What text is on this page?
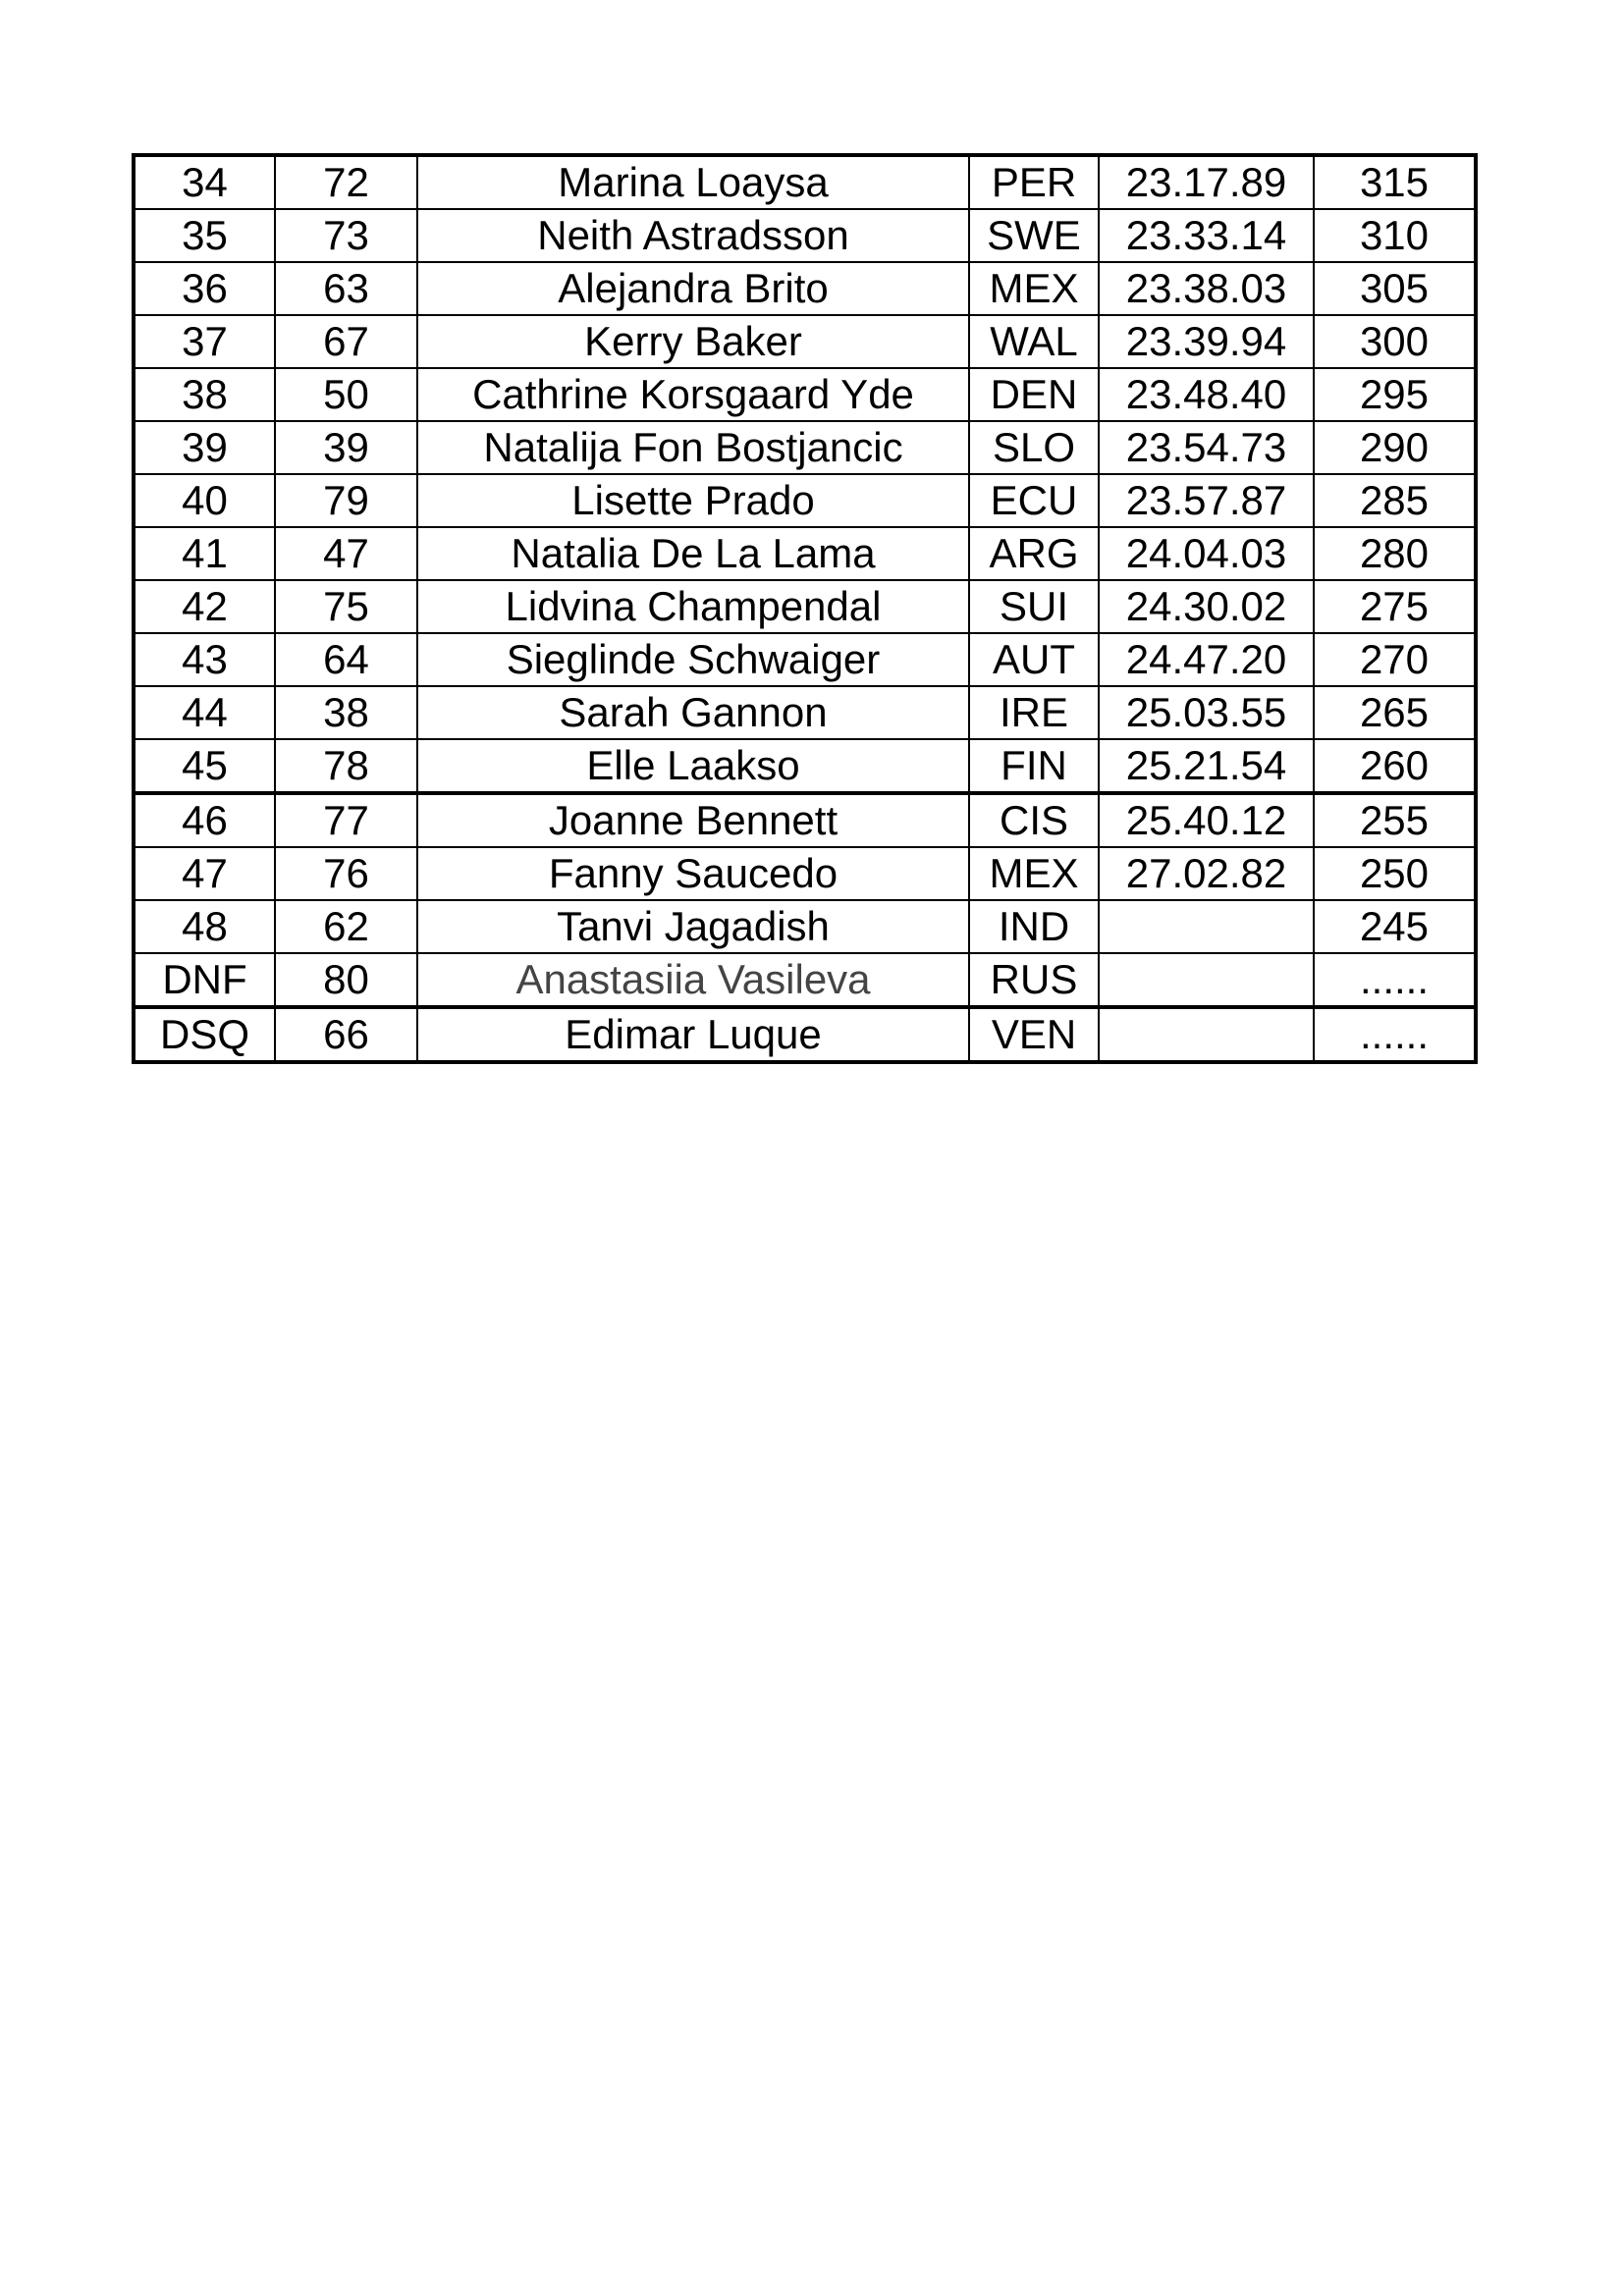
34	72	Marina Loaysa	PER	23.17.89	315
35	73	Neith Astradsson	SWE	23.33.14	310
36	63	Alejandra Brito	MEX	23.38.03	305
37	67	Kerry Baker	WAL	23.39.94	300
38	50	Cathrine Korsgaard Yde	DEN	23.48.40	295
39	39	Natalija Fon Bostjancic	SLO	23.54.73	290
40	79	Lisette Prado	ECU	23.57.87	285
41	47	Natalia De La Lama	ARG	24.04.03	280
42	75	Lidvina Champendal	SUI	24.30.02	275
43	64	Sieglinde Schwaiger	AUT	24.47.20	270
44	38	Sarah Gannon	IRE	25.03.55	265
45	78	Elle Laakso	FIN	25.21.54	260
46	77	Joanne Bennett	CIS	25.40.12	255
47	76	Fanny Saucedo	MEX	27.02.82	250
48	62	Tanvi Jagadish	IND		245
DNF	80	Anastasiia Vasileva	RUS		......
DSQ	66	Edimar Luque	VEN		......
